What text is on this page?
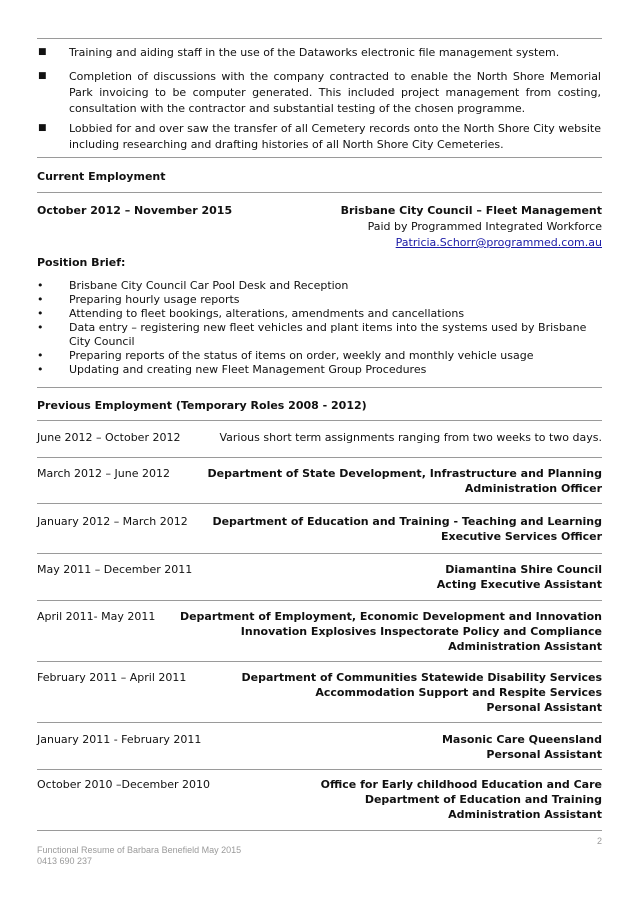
■ Training and aiding staff in the use of the Dataworks electronic file management system.
■ Completion of discussions with the company contracted to enable the North Shore Memorial Park invoicing to be computer generated. This included project management from costing, consultation with the contractor and substantial testing of the chosen programme.
■ Lobbied for and over saw the transfer of all Cemetery records onto the North Shore City website including researching and drafting histories of all North Shore City Cemeteries.
Current Employment
October 2012 – November 2015	Brisbane City Council – Fleet Management
Paid by Programmed Integrated Workforce
Patricia.Schorr@programmed.com.au
Position Brief:
• Brisbane City Council Car Pool Desk and Reception
• Preparing hourly usage reports
• Attending to fleet bookings, alterations, amendments and cancellations
• Data entry – registering new fleet vehicles and plant items into the systems used by Brisbane City Council
• Preparing reports of the status of items on order, weekly and monthly vehicle usage
• Updating and creating new Fleet Management Group Procedures
Previous Employment (Temporary Roles 2008 - 2012)
June 2012 – October 2012	Various short term assignments ranging from two weeks to two days.
March 2012 – June 2012	Department of State Development, Infrastructure and Planning
Administration Officer
January 2012 – March 2012 Department of Education and Training - Teaching and Learning
Executive Services Officer
May 2011 – December 2011	Diamantina Shire Council
Acting Executive Assistant
April 2011- May 2011 Department of Employment, Economic Development and Innovation
Innovation Explosives Inspectorate Policy and Compliance
Administration Assistant
February 2011 – April 2011	Department of Communities Statewide Disability Services
Accommodation Support and Respite Services
Personal Assistant
January 2011 - February 2011	Masonic Care Queensland
Personal Assistant
October 2010 –December 2010	Office for Early childhood Education and Care
Department of Education and Training
Administration Assistant
2
Functional Resume of Barbara Benefield May 2015
0413 690 237
